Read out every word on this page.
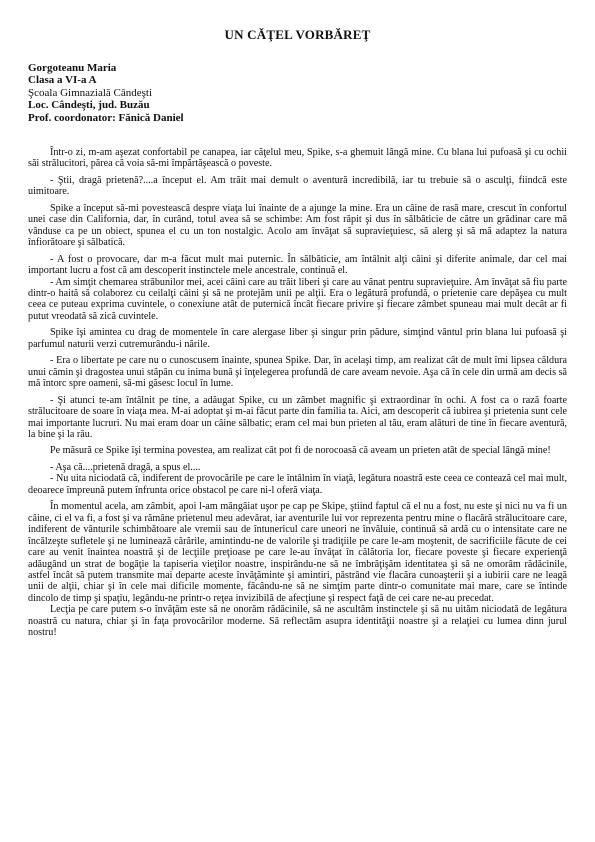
UN CĂŢEL VORBĂREŢ
Gorgoteanu Maria
Clasa a VI-a A
Şcoala Gimnazială Cândeşti
Loc. Cândeşti, jud. Buzău
Prof. coordonator: Fănică Daniel

Într-o zi, m-am aşezat confortabil pe canapea, iar căţelul meu, Spike, s-a ghemuit lângă mine. Cu blana lui pufoasă şi cu ochii săi strălucitori, părea că voia să-mi împărtăşească o poveste.

- Ştii, dragă prietenă?....a început el. Am trăit mai demult o aventură incredibilă, iar tu trebuie să o asculţi, fiindcă este uimitoare.

Spike a început să-mi povestească despre viaţa lui înainte de a ajunge la mine. Era un câine de rasă mare, crescut în confortul unei case din California, dar, în curând, totul avea să se schimbe: Am fost răpit şi dus în sălbăticie de către un grădinar care mă vânduse ca pe un obiect, spunea el cu un ton nostalgic. Acolo am învăţat să supravieţuiesc, să alerg şi să mă adaptez la natura înfiorătoare şi sălbatică.

- A fost o provocare, dar m-a făcut mult mai puternic. În sălbăticie, am întâlnit alţi câini şi diferite animale, dar cel mai important lucru a fost că am descoperit instinctele mele ancestrale, continuă el.

- Am simţit chemarea străbunilor mei, acei câini care au trăit liberi şi care au vânat pentru supravieţuire. Am învăţat să fiu parte dintr-o haită să colaborez cu ceilalţi câini şi să ne protejăm unii pe alţii. Era o legătură profundă, o prietenie care depăşea cu mult ceea ce puteau exprima cuvintele, o conexiune atât de puternică încât fiecare privire şi fiecare zâmbet spuneau mai mult decât ar fi putut vreodată să zică cuvintele.

Spike îşi amintea cu drag de momentele în care alergase liber şi singur prin pădure, simţind vântul prin blana lui pufoasă şi parfumul naturii verzi cutremurându-i nările.

- Era o libertate pe care nu o cunoscusem înainte, spunea Spike. Dar, în acelaşi timp, am realizat cât de mult îmi lipsea căldura unui cămin şi dragostea unui stăpân cu inima bună şi înţelegerea profundă de care aveam nevoie. Aşa că în cele din urmă am decis să mă întorc spre oameni, să-mi găsesc locul în lume.

- Şi atunci te-am întâlnit pe tine, a adăugat Spike, cu un zâmbet magnific şi extraordinar în ochi. A fost ca o rază foarte strălucitoare de soare în viaţa mea. M-ai adoptat şi m-ai făcut parte din familia ta. Aici, am descoperit că iubirea şi prietenia sunt cele mai importante lucruri. Nu mai eram doar un câine sălbatic; eram cel mai bun prieten al tău, eram alături de tine în fiecare aventură, la bine şi la rău.

Pe măsură ce Spike îşi termina povestea, am realizat cât pot fi de norocoasă că aveam un prieten atât de special lângă mine!

- Aşa că....prietenă dragă, a spus el....

- Nu uita niciodată că, indiferent de provocările pe care le întâlnim în viaţă, legătura noastră este ceea ce contează cel mai mult, deoarece împreună putem înfrunta orice obstacol pe care ni-l oferă viaţa.

În momentul acela, am zâmbit, apoi l-am mângâiat uşor pe cap pe Skipe, ştiind faptul că el nu a fost, nu este şi nici nu va fi un câine, ci el va fi, a fost şi va rămâne prietenul meu adevărat, iar aventurile lui vor reprezenta pentru mine o flacără strălucitoare care, indiferent de vânturile schimbătoare ale vremii sau de întunericul care uneori ne învăluie, continuă să ardă cu o intensitate care ne încălzeşte sufletele şi ne luminează cărările, amintindu-ne de valorile şi tradiţiile pe care le-am moştenit, de sacrificiile făcute de cei care au venit înaintea noastră şi de lecţiile preţioase pe care le-au învăţat în călătoria lor, fiecare poveste şi fiecare experienţă adăugând un strat de bogăţie la tapiseria vieţilor noastre, inspirându-ne să ne îmbrăţişăm identitatea şi să ne omorâm rădăcinile, astfel încât să putem transmite mai departe aceste învăţăminte şi amintiri, păstrând vie flacăra cunoaşterii şi a iubirii care ne leagă unii de alţii, chiar şi în cele mai dificile momente, făcându-ne să ne simţim parte dintr-o comunitate mai mare, care se întinde dincolo de timp şi spaţiu, legându-ne printr-o reţea invizibilă de afecţiune şi respect faţă de cei care ne-au precedat.

Lecţia pe care putem s-o învăţăm este să ne onorăm rădăcinile, să ne ascultăm instinctele şi să nu uităm niciodată de legătura noastră cu natura, chiar şi în faţa provocărilor moderne. Să reflectăm asupra identităţii noastre şi a relaţiei cu lumea dinn jurul nostru!
